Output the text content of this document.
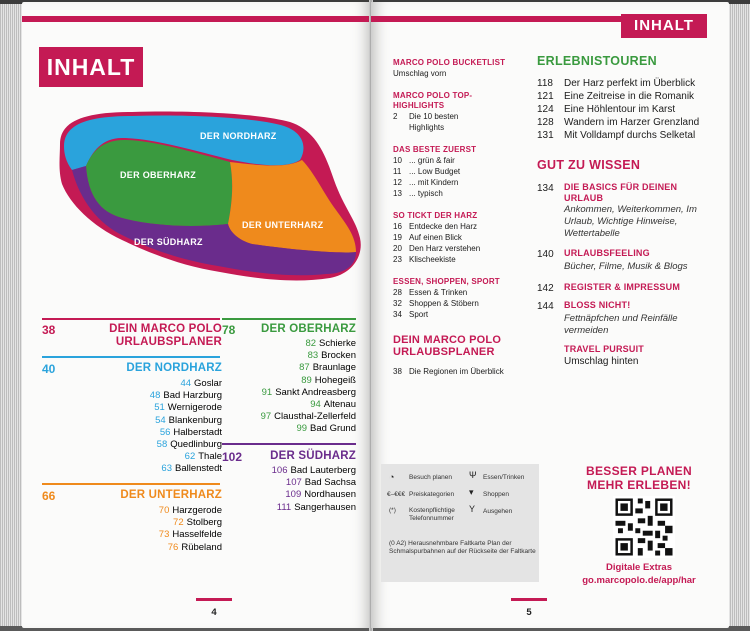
INHALT
DER NORDHARZ
DER OBERHARZ
DER UNTERHARZ
DER SÜDHARZ
38	DEIN MARCO POLO URLAUBSPLANER
40	DER NORDHARZ
44 Goslar
48 Bad Harzburg
51 Wernigerode
54 Blankenburg
56 Halberstadt
58 Quedlinburg
62 Thale
63 Ballenstedt
66	DER UNTERHARZ
70 Harzgerode
72 Stolberg
73 Hasselfelde
76 Rübeland
78	DER OBERHARZ
82 Schierke
83 Brocken
87 Braunlage
89 Hohegeiß
91 Sankt Andreasberg
94 Altenau
97 Clausthal-Zellerfeld
99 Bad Grund
102	DER SÜDHARZ
106 Bad Lauterberg
107 Bad Sachsa
109 Nordhausen
111 Sangerhausen
4
INHALT
MARCO POLO BUCKETLIST
Umschlag vorn
MARCO POLO TOP-HIGHLIGHTS
2	Die 10 besten
Highlights
DAS BESTE ZUERST
10 ... grün & fair
11 ... Low Budget
12 ... mit Kindern
13 ... typisch
SO TICKT DER HARZ
16 Entdecke den Harz
19 Auf einen Blick
20 Den Harz verstehen
23 Klischeekiste
ESSEN, SHOPPEN, SPORT
28 Essen & Trinken
32 Shoppen & Stöbern
34 Sport
DEIN MARCO POLO URLAUBSPLANER
38 Die Regionen im Überblick
ERLEBNISTOUREN
118	Der Harz perfekt im Überblick
121	Eine Zeitreise in die Romanik
124	Eine Höhlentour im Karst
128	Wandern im Harzer Grenzland
131	Mit Volldampf durchs Selketal
GUT ZU WISSEN
134	DIE BASICS FÜR DEINEN URLAUB
Ankommen, Weiterkommen, Im Urlaub, Wichtige Hinweise, Wettertabelle
140	URLAUBSFEELING
Bücher, Filme, Musik & Blogs
142	REGISTER & IMPRESSUM
144	BLOSS NICHT!
Fettnäpfchen und Reinfälle vermeiden
TRAVEL PURSUIT
Umschlag hinten
◔ Besuch planen Ψ Essen/Trinken
€–€€€ Preiskategorien ▾ Shoppen
(*) Kostenpflichtige Telefonnummer
Y Ausgehen
(0 A2) Herausnehmbare Faltkarte Plan der Schmalspurbahnen auf der Rückseite der Faltkarte
BESSER PLANEN
MEHR ERLEBEN!
Digitale Extras
go.marcopolo.de/app/har
5
